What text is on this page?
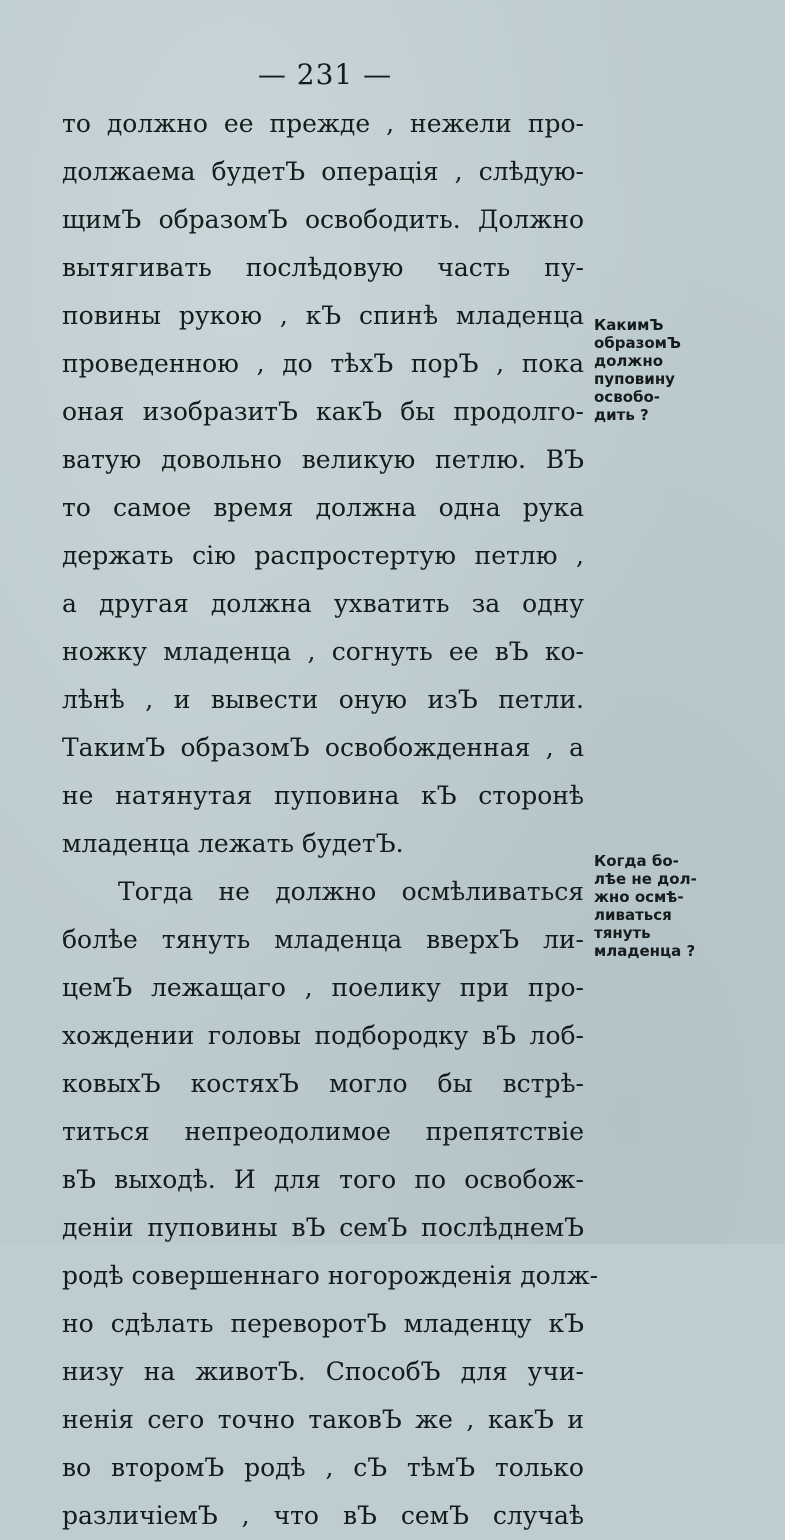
— 231 —
то должно ее прежде , нежели про-
должаема будетЪ операція , слѣдую-
щимЪ образомЪ освободить. Должно
вытягивать послѣдовую часть пу-
повины рукою , кЪ спинѣ младенца
проведенною , до тѣхЪ порЪ , пока
оная изобразитЪ какЪ бы продолго-
ватую довольно великую петлю. ВЪ
то самое время должна одна рука
держать сію распростертую петлю ,
а другая должна ухватить за одну
ножку младенца , согнуть ее вЪ ко-
лѣнѣ , и вывести оную изЪ петли.
ТакимЪ образомЪ освобожденная , а
не натянутая пуповина кЪ сторонѣ
младенца лежать будетЪ.
Тогда не должно осмѣливаться
болѣе тянуть младенца вверхЪ ли-
цемЪ лежащаго , поелику при про-
хождении головы подбородку вЪ лоб-
ковыхЪ костяхЪ могло бы встрѣ-
титься непреодолимое препятствіе
вЪ выходѣ. И для того по освобож-
деніи пуповины вЪ семЪ послѣднемЪ
родѣ совершеннаго ногорожденія долж-
но сдѣлать переворотЪ младенцу кЪ
низу на животЪ. СпособЪ для учи-
ненія сего точно таковЪ же , какЪ и
во второмЪ родѣ , сЪ тѣмЪ только
различіемЪ , что вЪ семЪ случаѣ
КакимЪ
образомЪ
должно
пуповину
освобо-
дить ?
Когда бо-
лѣе не дол-
жно осмѣ-
ливаться
тянуть
младенца ?
